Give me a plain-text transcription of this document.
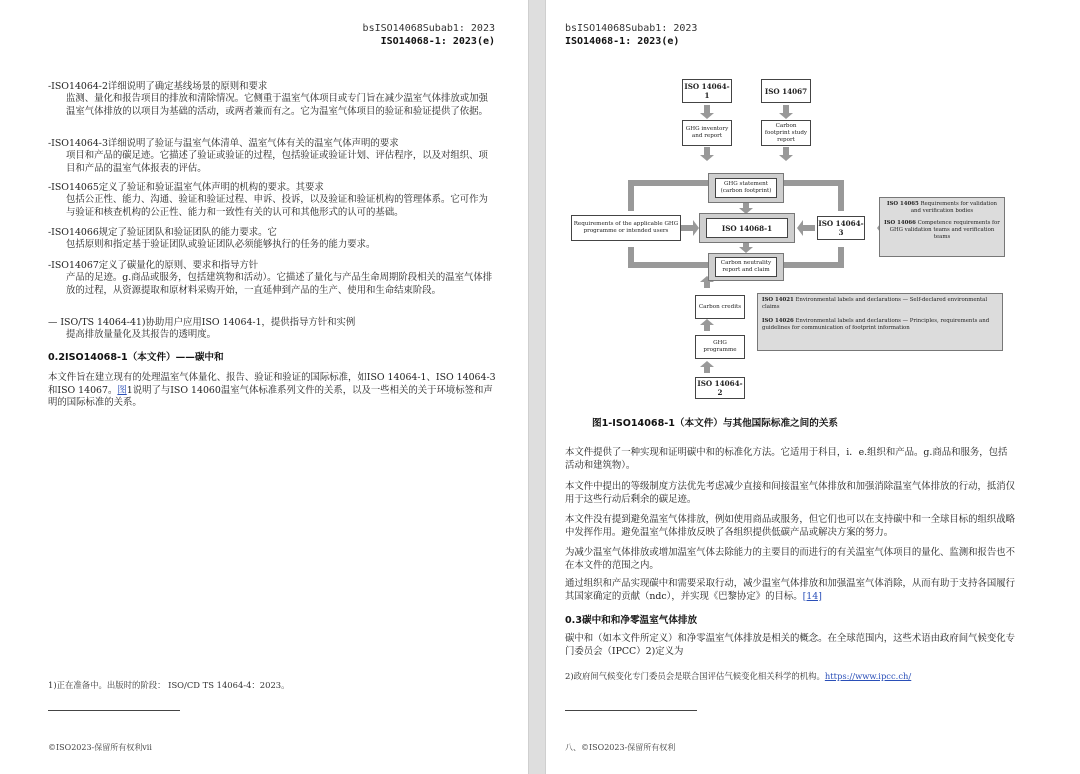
bsISO14068Subab1: 2023
ISO14068-1: 2023(e)
-ISO14064-2详细说明了确定基线场景的原则和要求
监测、量化和报告项目的排放和清除情况。它侧重于温室气体项目或专门旨在减少温室气体排放或加强温室气体排放的以项目为基础的活动，或两者兼而有之。它为温室气体项目的验证和验证提供了依据。
-ISO14064-3详细说明了验证与温室气体清单、温室气体有关的温室气体声明的要求
项目和产品的碳足迹。它描述了验证或验证的过程，包括验证或验证计划、评估程序，以及对组织、项目和产品的温室气体报表的评估。
-ISO14065定义了验证和验证温室气体声明的机构的要求。其要求
包括公正性、能力、沟通、验证和验证过程、申诉、投诉，以及验证和验证机构的管理体系。它可作为与验证和核查机构的公正性、能力和一致性有关的认可和其他形式的认可的基础。
-ISO14066规定了验证团队和验证团队的能力要求。它
包括原则和指定基于验证团队或验证团队必须能够执行的任务的能力要求。
-ISO14067定义了碳量化的原则、要求和指导方针
产品的足迹。g.商品或服务，包括建筑物和活动）。它描述了量化与产品生命周期阶段相关的温室气体排放的过程，从资源提取和原材料采购开始，一直延伸到产品的生产、使用和生命结束阶段。
— ISO/TS 14064-41)协助用户应用ISO 14064-1，提供指导方针和实例
提高排放量量化及其报告的透明度。
0.2ISO14068-1（本文件）——碳中和
本文件旨在建立现有的处理温室气体量化、报告、验证和验证的国际标准，如ISO 14064-1、ISO 14064-3和ISO 14067。图1说明了与ISO 14060温室气体标准系列文件的关系，以及一些相关的关于环境标签和声明的国际标准的关系。
1)正在准备中。出版时的阶段： ISO/CD TS 14064-4：2023。
©ISO2023-保留所有权利vii
bsISO14068Subab1: 2023
ISO14068-1: 2023(e)
ISO 14064-1	ISO 14067
GHG inventory and report
Carbon footprint study report
GHG statement (carbon footprint)
Requirements of the applicable GHG programme or intended users	ISO 14068-1	ISO 14064-3
ISO 14065 Requirements for validation and verification bodies
ISO 14066 Competence requirements for GHG validation teams and verification teams
Carbon neutrality report and claim
Carbon credits
ISO 14021 Environmental labels and declarations — Self-declared environmental claims
ISO 14026 Environmental labels and declarations — Principles, requirements and guidelines for communication of footprint information
GHG programme
ISO 14064-2
图1-ISO14068-1（本文件）与其他国际标准之间的关系
本文件提供了一种实现和证明碳中和的标准化方法。它适用于科目，i．e.组织和产品。g.商品和服务，包括活动和建筑物）。
本文件中提出的等级制度方法优先考虑减少直接和间接温室气体排放和加强消除温室气体排放的行动，抵消仅用于这些行动后剩余的碳足迹。
本文件没有提到避免温室气体排放，例如使用商品或服务，但它们也可以在支持碳中和一全球目标的组织战略中发挥作用。避免温室气体排放反映了各组织提供低碳产品或解决方案的努力。
为减少温室气体排放或增加温室气体去除能力的主要目的而进行的有关温室气体项目的量化、监测和报告也不在本文件的范围之内。
通过组织和产品实现碳中和需要采取行动，减少温室气体排放和加强温室气体消除，从而有助于支持各国履行其国家确定的贡献（ndc），并实现《巴黎协定》的目标。[14]
0.3碳中和和净零温室气体排放
碳中和（如本文件所定义）和净零温室气体排放是相关的概念。在全球范围内，这些术语由政府间气候变化专门委员会（IPCC）2)定义为
2)政府间气候变化专门委员会是联合国评估气候变化相关科学的机构。https://www.ipcc.ch/
八、©ISO2023-保留所有权利
